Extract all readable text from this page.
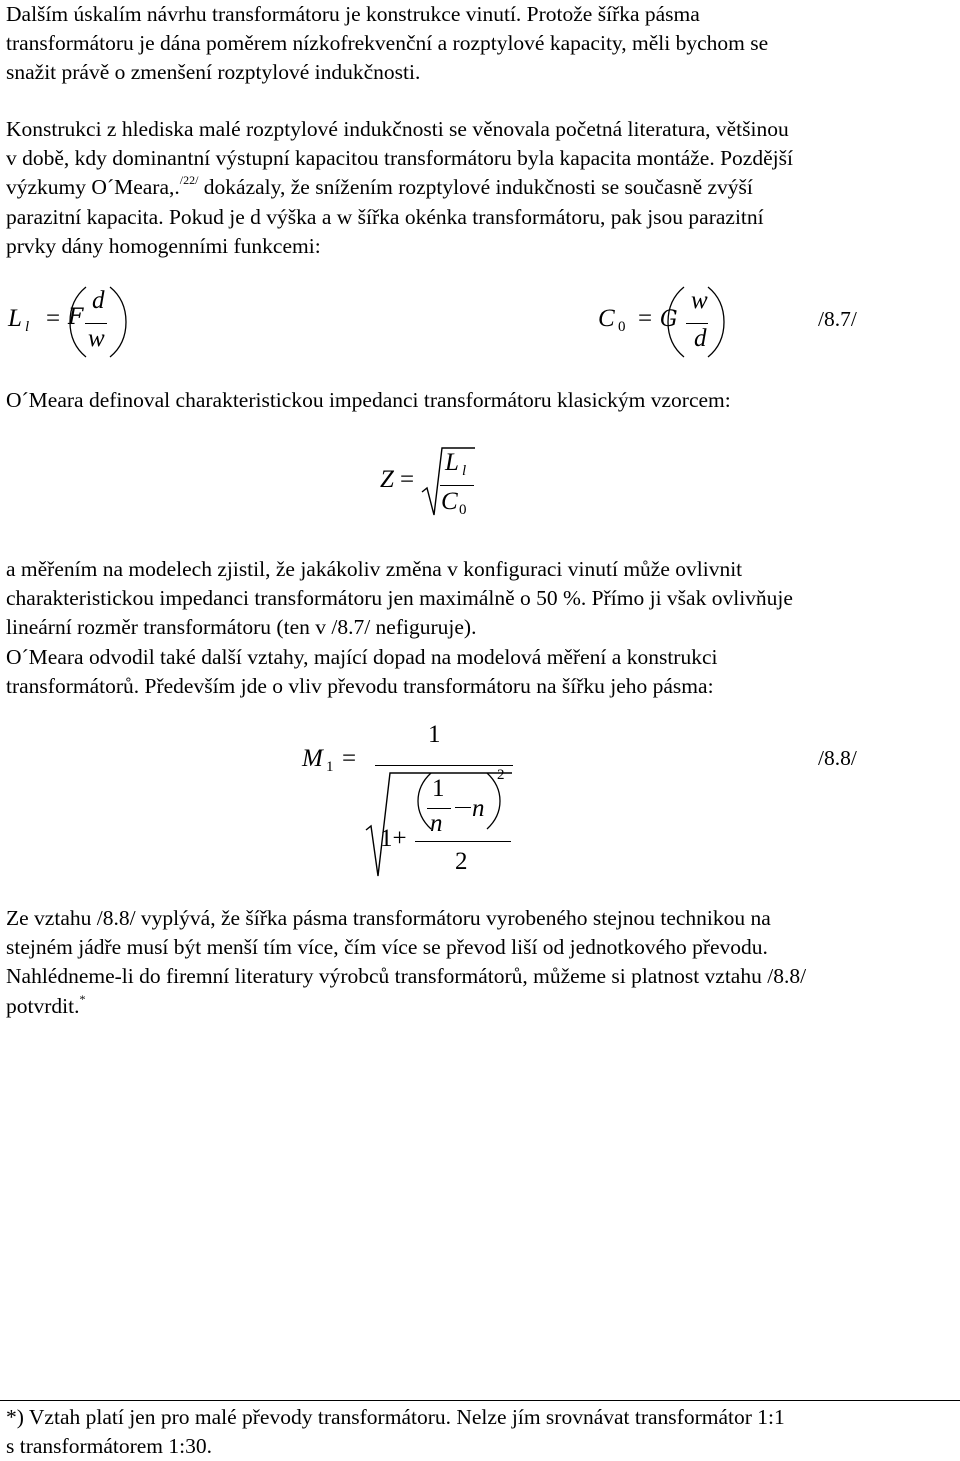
Dalším úskalím návrhu transformátoru je konstrukce vinutí. Protože šířka pásma
transformátoru je dána poměrem nízkofrekvenční a rozptylové kapacity, měli bychom se
snažit právě o zmenšení rozptylové indukčnosti.
Konstrukci z hlediska malé rozptylové indukčnosti se věnovala početná literatura, většinou
v době, kdy dominantní výstupní kapacitou transformátoru byla kapacita montáže. Pozdější
výzkumy O´Meara,.$^{/22/}$ dokázaly, že snížením rozptylové indukčnosti se současně zvýší
parazitní kapacita. Pokud je d výška a w šířka okénka transformátoru, pak jsou parazitní
prvky dány homogenními funkcemi:
L l = F
d
w
C 0 = G
w
d
/8.7/
O´Meara definoval charakteristickou impedanci transformátoru klasickým vzorcem:
Z =
L l
C 0
a měřením na modelech zjistil, že jakákoliv změna v konfiguraci vinutí může ovlivnit
charakteristickou impedanci transformátoru jen maximálně o 50 %. Přímo ji však ovlivňuje
lineární rozměr transformátoru (ten v /8.7/ nefiguruje).
O´Meara odvodil také další vztahy, mající dopad na modelová měření a konstrukci
transformátorů. Především jde o vliv převodu transformátoru na šířku jeho pásma:
M 1 =
1
1+
1
n
n
2
2
/8.8/
Ze vztahu /8.8/ vyplývá, že šířka pásma transformátoru vyrobeného stejnou technikou na
stejném jádře musí být menší tím více, čím více se převod liší od jednotkového převodu.
Nahlédneme-li do firemní literatury výrobců transformátorů, můžeme si platnost vztahu /8.8/
potvrdit.*
*) Vztah platí jen pro malé převody transformátoru. Nelze jím srovnávat transformátor 1:1
s transformátorem 1:30.
